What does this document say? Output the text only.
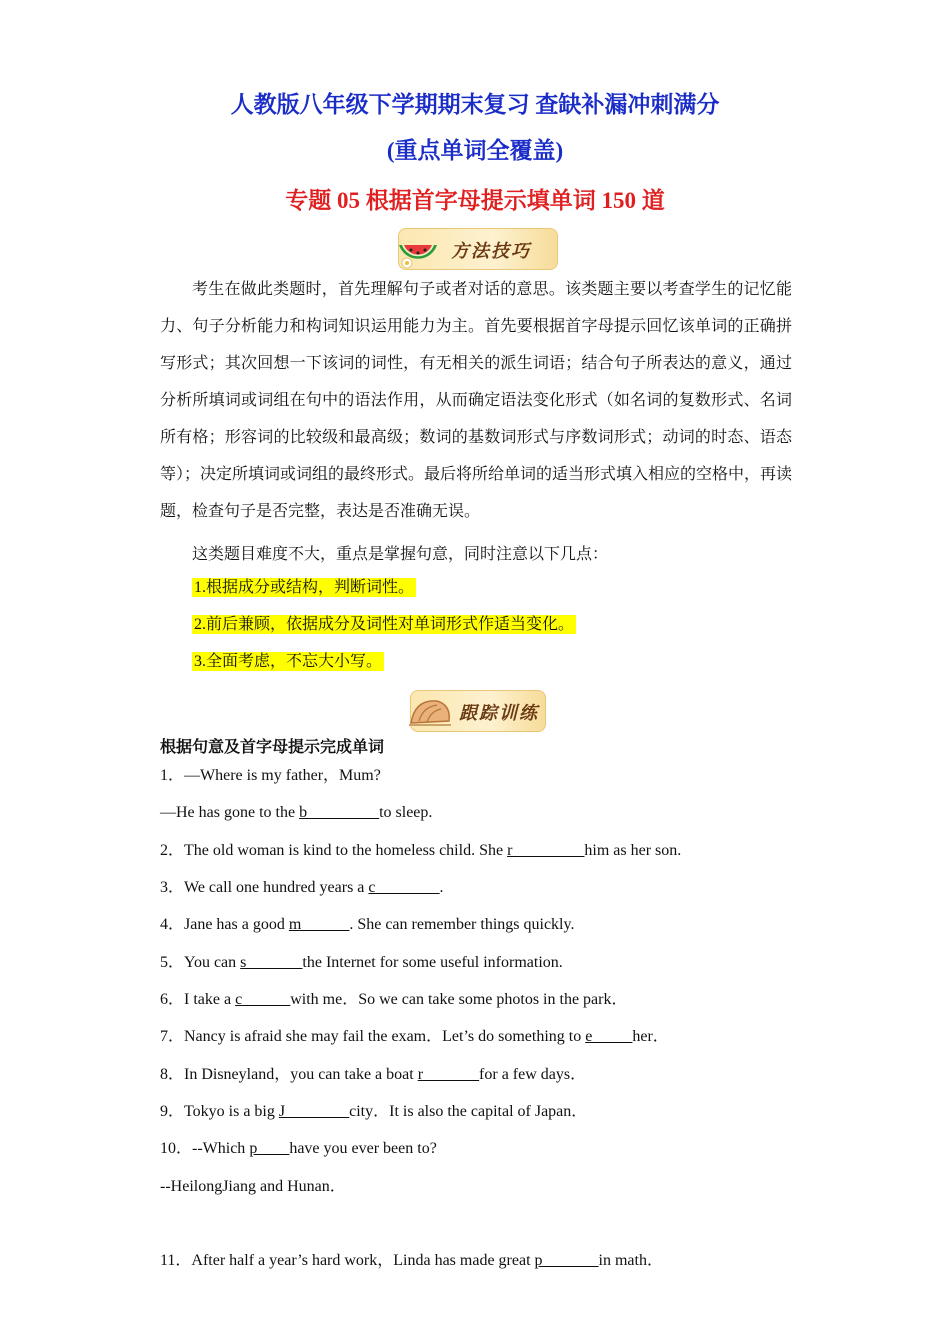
人教版八年级下学期期末复习 查缺补漏冲刺满分

(重点单词全覆盖)

专题 05 根据首字母提示填单词 150 道

方法技巧

考生在做此类题时，首先理解句子或者对话的意思。该类题主要以考查学生的记忆能力、句子分析能力和构词知识运用能力为主。首先要根据首字母提示回忆该单词的正确拼写形式；其次回想一下该词的词性，有无相关的派生词语；结合句子所表达的意义，通过分析所填词或词组在句中的语法作用，从而确定语法变化形式（如名词的复数形式、名词所有格；形容词的比较级和最高级；数词的基数词形式与序数词形式；动词的时态、语态等）；决定所填词或词组的最终形式。最后将所给单词的适当形式填入相应的空格中，再读题，检查句子是否完整，表达是否准确无误。

这类题目难度不大，重点是掌握句意，同时注意以下几点：

1.根据成分或结构，判断词性。
2.前后兼顾，依据成分及词性对单词形式作适当变化。
3.全面考虑，不忘大小写。
跟踪训练
根据句意及首字母提示完成单词
1．—Where is my father，Mum?
—He has gone to the b_________to sleep.
2．The old woman is kind to the homeless child. She r_________him as her son.
3．We call one hundred years a c________.
4．Jane has a good m______. She can remember things quickly.
5．You can s_______the Internet for some useful information.
6．I take a c______with me．So we can take some photos in the park．
7．Nancy is afraid she may fail the exam．Let’s do something to e_____her．
8．In Disneyland，you can take a boat r_______for a few days．
9．Tokyo is a big J________city．It is also the capital of Japan．
10．--Which p____have you ever been to?
--HeilongJiang and Hunan．
11．After half a year’s hard work，Linda has made great p_______in math．
